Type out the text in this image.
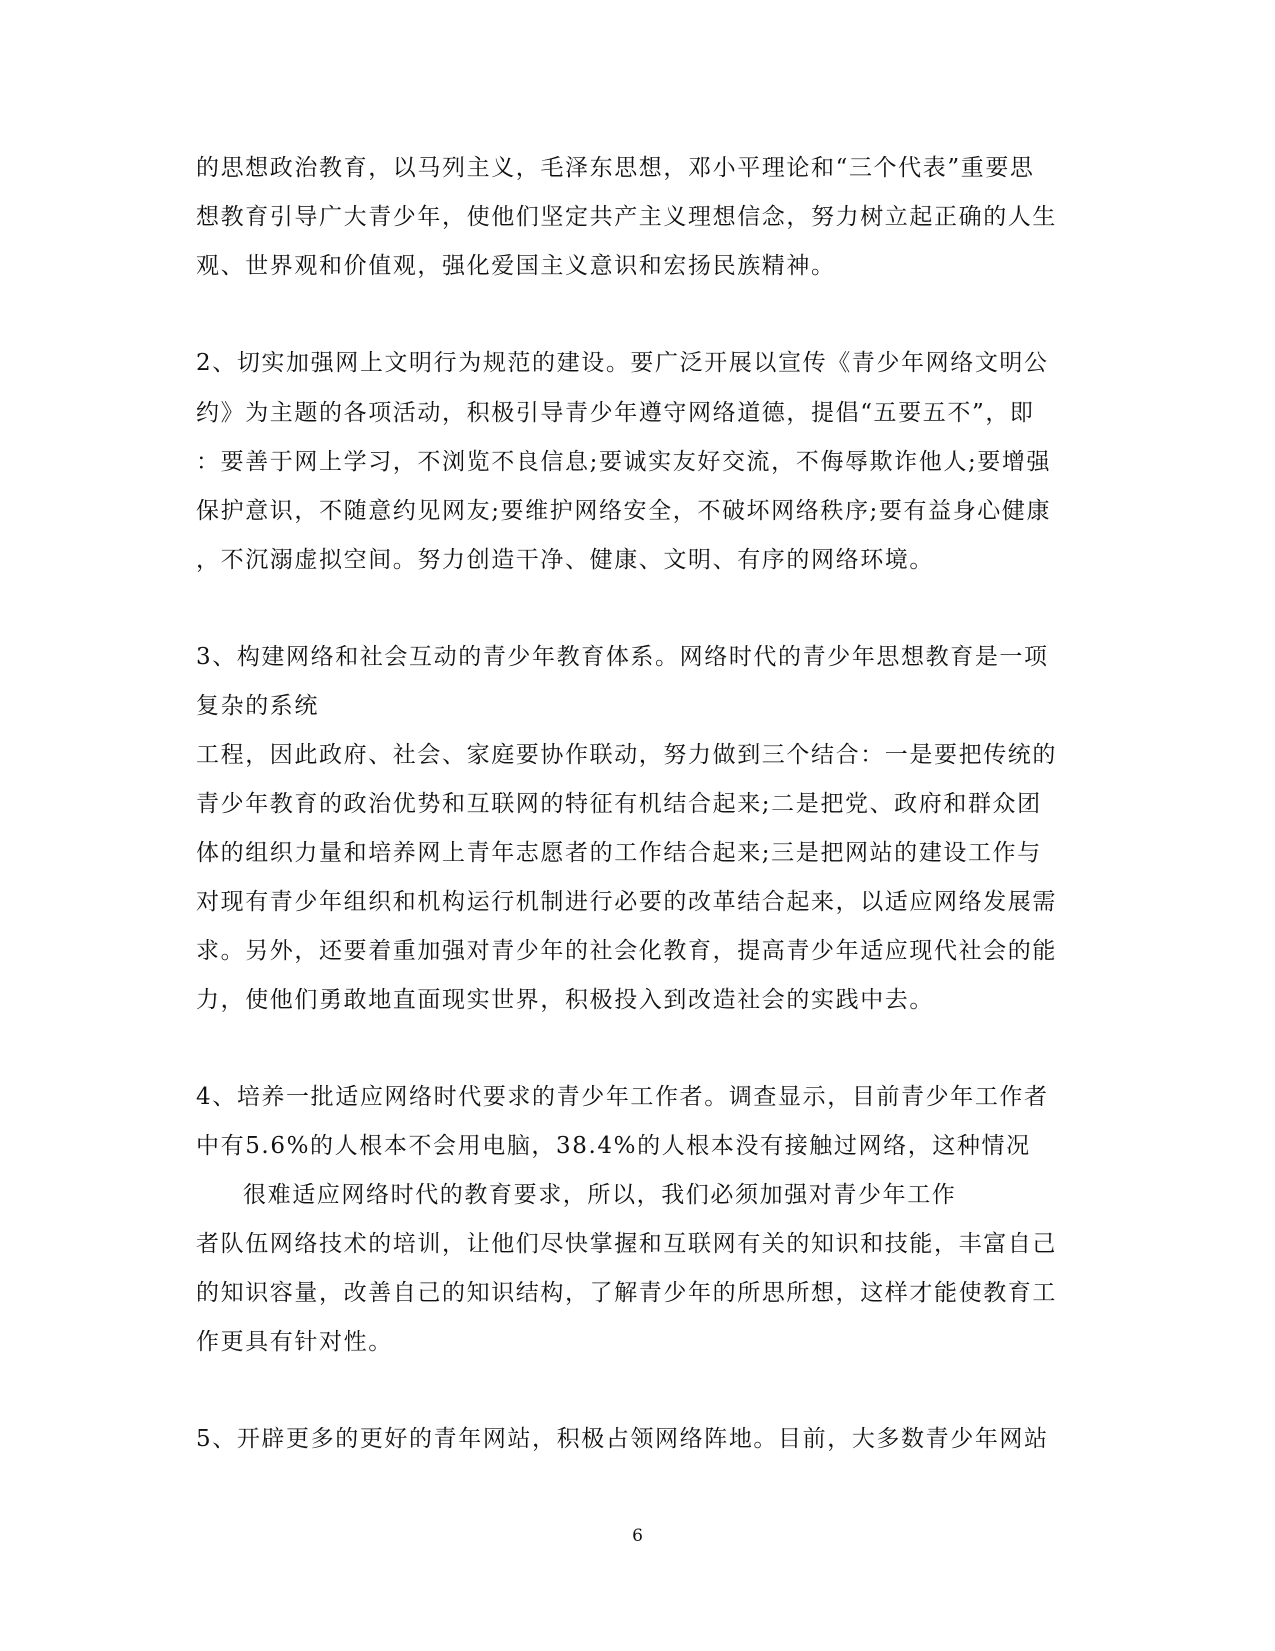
的思想政治教育，以马列主义，毛泽东思想，邓小平理论和“三个代表”重要思
想教育引导广大青少年，使他们坚定共产主义理想信念，努力树立起正确的人生
观、世界观和价值观，强化爱国主义意识和宏扬民族精神。
2、切实加强网上文明行为规范的建设。要广泛开展以宣传《青少年网络文明公
约》为主题的各项活动，积极引导青少年遵守网络道德，提倡“五要五不”，即
：要善于网上学习，不浏览不良信息;要诚实友好交流，不侮辱欺诈他人;要增强
保护意识，不随意约见网友;要维护网络安全，不破坏网络秩序;要有益身心健康
，不沉溺虚拟空间。努力创造干净、健康、文明、有序的网络环境。
3、构建网络和社会互动的青少年教育体系。网络时代的青少年思想教育是一项
复杂的系统
工程，因此政府、社会、家庭要协作联动，努力做到三个结合：一是要把传统的
青少年教育的政治优势和互联网的特征有机结合起来;二是把党、政府和群众团
体的组织力量和培养网上青年志愿者的工作结合起来;三是把网站的建设工作与
对现有青少年组织和机构运行机制进行必要的改革结合起来，以适应网络发展需
求。另外，还要着重加强对青少年的社会化教育，提高青少年适应现代社会的能
力，使他们勇敢地直面现实世界，积极投入到改造社会的实践中去。
4、培养一批适应网络时代要求的青少年工作者。调查显示，目前青少年工作者
中有5.6%的人根本不会用电脑，38.4%的人根本没有接触过网络，这种情况
很难适应网络时代的教育要求，所以，我们必须加强对青少年工作
者队伍网络技术的培训，让他们尽快掌握和互联网有关的知识和技能，丰富自己
的知识容量，改善自己的知识结构，了解青少年的所思所想，这样才能使教育工
作更具有针对性。
5、开辟更多的更好的青年网站，积极占领网络阵地。目前，大多数青少年网站
6
